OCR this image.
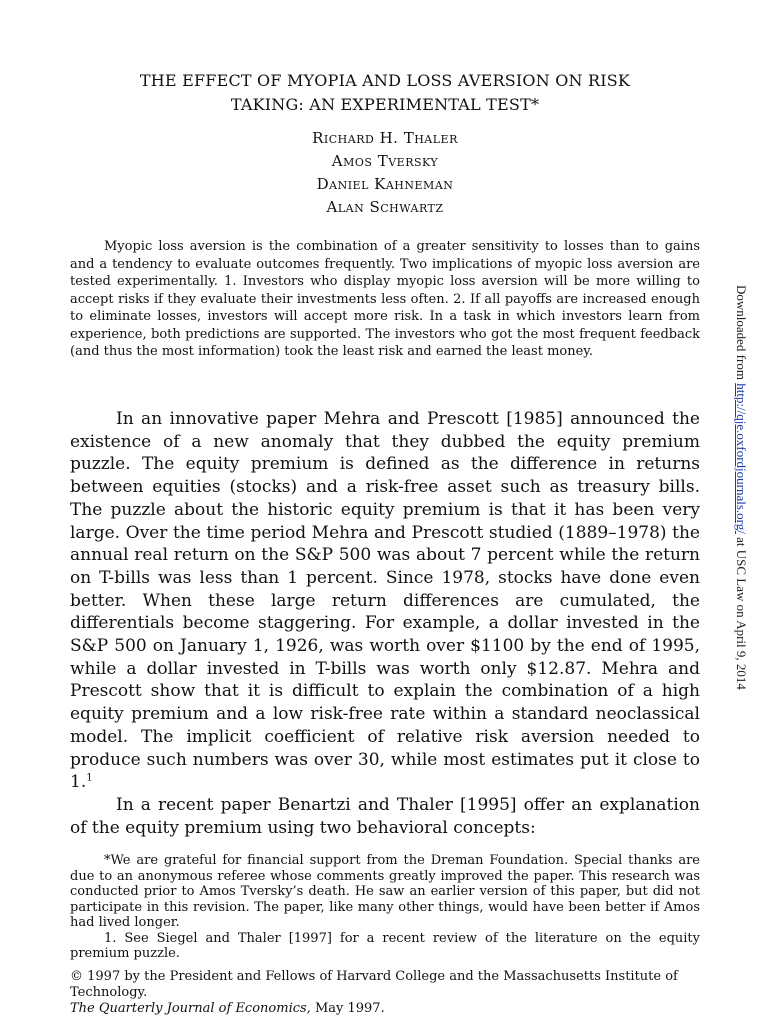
THE EFFECT OF MYOPIA AND LOSS AVERSION ON RISK
TAKING: AN EXPERIMENTAL TEST*
Richard H. Thaler
Amos Tversky
Daniel Kahneman
Alan Schwartz

Myopic loss aversion is the combination of a greater sensitivity to losses than to gains and a tendency to evaluate outcomes frequently. Two implications of myopic loss aversion are tested experimentally. 1. Investors who display myopic loss aversion will be more willing to accept risks if they evaluate their investments less often. 2. If all payoffs are increased enough to eliminate losses, investors will accept more risk. In a task in which investors learn from experience, both predictions are supported. The investors who got the most frequent feedback (and thus the most information) took the least risk and earned the least money.

In an innovative paper Mehra and Prescott [1985] announced the existence of a new anomaly that they dubbed the equity premium puzzle. The equity premium is defined as the difference in returns between equities (stocks) and a risk-free asset such as treasury bills. The puzzle about the historic equity premium is that it has been very large. Over the time period Mehra and Prescott studied (1889–1978) the annual real return on the S&P 500 was about 7 percent while the return on T-bills was less than 1 percent. Since 1978, stocks have done even better. When these large return differences are cumulated, the differentials become staggering. For example, a dollar invested in the S&P 500 on January 1, 1926, was worth over $1100 by the end of 1995, while a dollar invested in T-bills was worth only $12.87. Mehra and Prescott show that it is difficult to explain the combination of a high equity premium and a low risk-free rate within a standard neoclassical model. The implicit coefficient of relative risk aversion needed to produce such numbers was over 30, while most estimates put it close to 1.$^1$

In a recent paper Benartzi and Thaler [1995] offer an explanation of the equity premium using two behavioral concepts:

*We are grateful for financial support from the Dreman Foundation. Special thanks are due to an anonymous referee whose comments greatly improved the paper. This research was conducted prior to Amos Tversky’s death. He saw an earlier version of this paper, but did not participate in this revision. The paper, like many other things, would have been better if Amos had lived longer.

1. See Siegel and Thaler [1997] for a recent review of the literature on the equity premium puzzle.

© 1997 by the President and Fellows of Harvard College and the Massachusetts Institute of Technology.

The Quarterly Journal of Economics, May 1997.

Downloaded from http://qje.oxfordjournals.org/ at USC Law on April 9, 2014
